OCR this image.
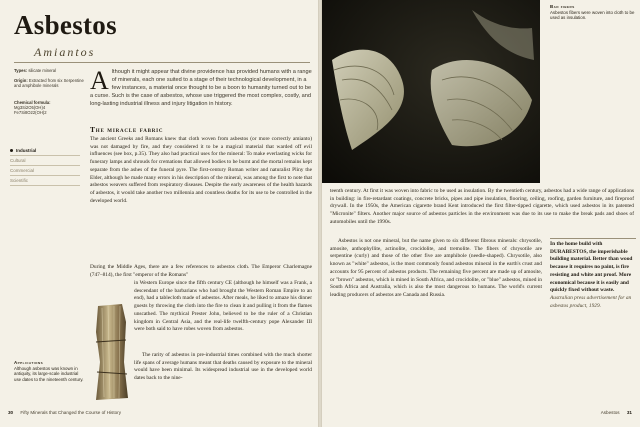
Asbestos
Amiantos
Types: silicate mineral
Origin: Extracted from six Serpentine and amphibole minerals
Chemical formula:
Mg3Si2O5(OH)4
Fe7Si8O22(OH)2
A lthough it might appear that divine providence has provided humans with a range of minerals, each one suited to a stage of their technological development, in a few instances, a material once thought to be a boon to humanity turned out to be a curse. Such is the case of asbestos, whose use triggered the most complex, costly, and long-lasting industrial illness and injury litigation in history.
The miracle fabric
Industrial
Cultural
Commercial
Scientific
The ancient Greeks and Romans knew that cloth woven from asbestos (or more correctly amianto) was not damaged by fire, and they considered it to be a magical material that warded off evil influences (see box, p.35). They also had practical uses for the mineral: To make everlasting wicks for funerary lamps and shrouds for cremations that allowed bodies to be burnt and the mortal remains kept separate from the ashes of the funeral pyre. The first-century Roman writer and naturalist Pliny the Elder, although he made many errors in his description of the mineral, was among the first to note that asbestos weavers suffered from respiratory diseases. Despite the early awareness of the health hazards of asbestos, it would take another two millennia and countless deaths for its use to be controlled in the developed world.
During the Middle Ages, there are a few references to asbestos cloth. The Emperor Charlemagne (747–814), the first "emperor of the Romans"
in Western Europe since the fifth century CE (although he himself was a Frank, a descendant of the barbarians who had brought the Western Roman Empire to an end), had a tablecloth made of asbestos. After meals, he liked to amaze his dinner guests by throwing the cloth into the fire to clean it and pulling it from the flames unscathed. The mythical Prester John, believed to be the ruler of a Christian kingdom in Central Asia, and the real-life twelfth-century pope Alexander III were both said to have robes woven from asbestos.
The rarity of asbestos in pre-industrial times combined with the much shorter life spans of average humans meant that deaths caused by exposure to the mineral would have been minimal. Its widespread industrial use in the developed world dates back to the nine-
Applications
Although asbestos was known in antiquity, its large-scale industrial use dates to the nineteenth century.
30 Fifty Minerals that Changed the Course of History
Bad fibers
Asbestos fibers were woven into cloth to be used as insulation.
teenth century. At first it was woven into fabric to be used as insulation. By the twentieth century, asbestos had a wide range of applications in building: in fire-retardant coatings, concrete bricks, pipes and pipe insulation, flooring, ceiling, roofing, garden furniture, and fireproof drywall. In the 1950s, the American cigarette brand Kent introduced the first filter-tipped cigarette, which used asbestos in its patented "Micronite" filters. Another major source of asbestos particles in the environment was due to its use to make the break pads and shoes of automobiles until the 1990s.
Asbestos is not one mineral, but the name given to six different fibrous minerals: chrysotile, amosite, anthophyllite, actinolite, crocidolite, and tremolite. The fibers of chrysotile are serpentine (curly) and those of the other five are amphibole (needle-shaped). Chrysotile, also known as "white" asbestos, is the most commonly found asbestos mineral in the earth's crust and accounts for 95 percent of asbestos products. The remaining five percent are made up of amosite, or "brown" asbestos, which is mined in South Africa, and crocidolite, or "blue" asbestos, mined in South Africa and Australia, which is also the most dangerous to humans. The world's current leading producers of asbestos are Canada and Russia.
In the home build with DURABESTOS, the imperishable building material. Better than wood because it requires no paint, is fire resisting and white ant proof. More economical because it is easily and quickly fixed without waste. Australian press advertisement for an asbestos product, 1929.
Asbestos 31
